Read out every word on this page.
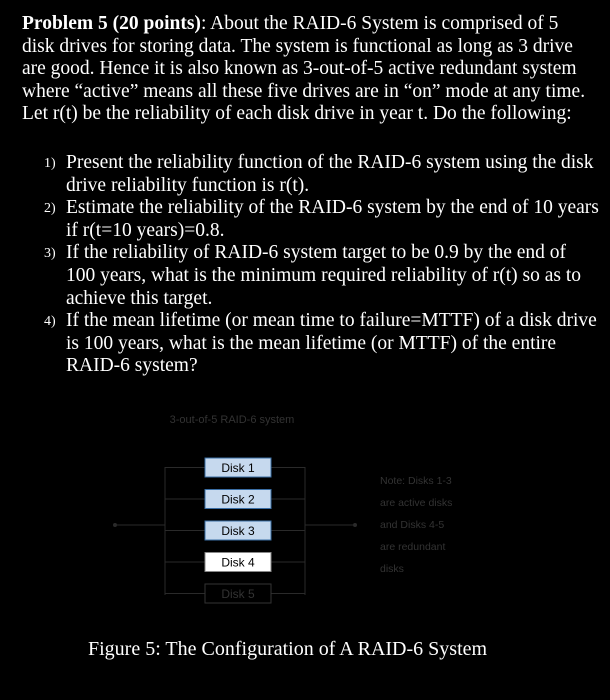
Problem 5 (20 points): About the RAID-6 System is comprised of 5 disk drives for storing data. The system is functional as long as 3 drive are good. Hence it is also known as 3-out-of-5 active redundant system where “active” means all these five drives are in “on” mode at any time. Let r(t) be the reliability of each disk drive in year t. Do the following:

1) Present the reliability function of the RAID-6 system using the disk drive reliability function is r(t).
2) Estimate the reliability of the RAID-6 system by the end of 10 years if r(t=10 years)=0.8.
3) If the reliability of RAID-6 system target to be 0.9 by the end of 100 years, what is the minimum required reliability of r(t) so as to achieve this target.
4) If the mean lifetime (or mean time to failure=MTTF) of a disk drive is 100 years, what is the mean lifetime (or MTTF) of the entire RAID-6 system?
3-out-of-5 RAID-6 system
Disk 1
Disk 2
Disk 3
Disk 4
Disk 5
Note: Disks 1-3 are active disks and Disks 4-5 are redundant disks
Figure 5: The Configuration of A RAID-6 System
